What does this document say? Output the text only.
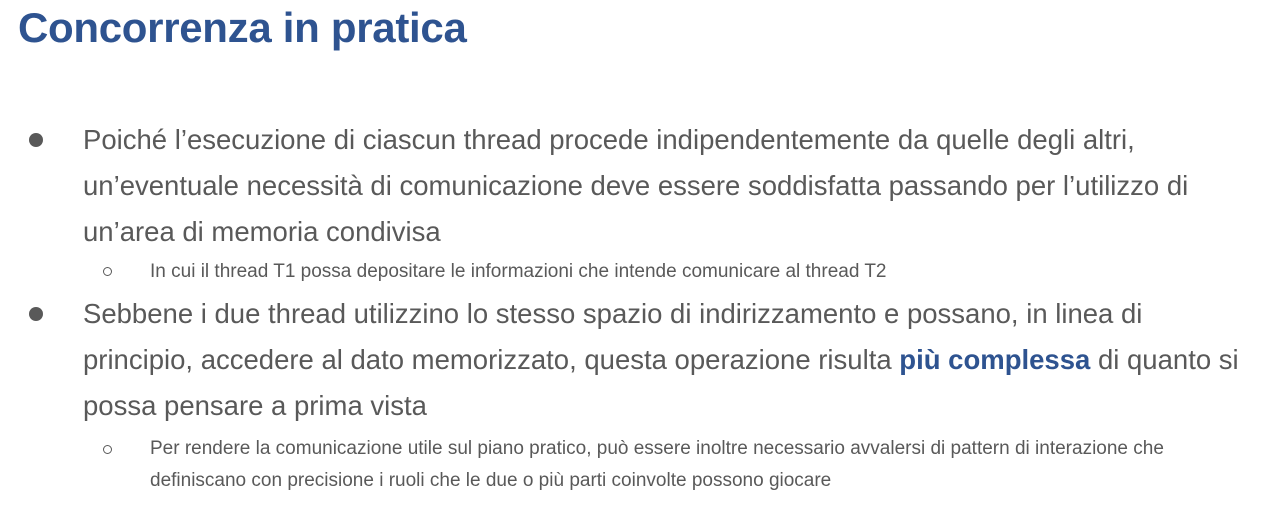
Concorrenza in pratica
Poiché l’esecuzione di ciascun thread procede indipendentemente da quelle degli altri, un’eventuale necessità di comunicazione deve essere soddisfatta passando per l’utilizzo di un’area di memoria condivisa
In cui il thread T1 possa depositare le informazioni che intende comunicare al thread T2
Sebbene i due thread utilizzino lo stesso spazio di indirizzamento e possano, in linea di principio, accedere al dato memorizzato, questa operazione risulta più complessa di quanto si possa pensare a prima vista
Per rendere la comunicazione utile sul piano pratico, può essere inoltre necessario avvalersi di pattern di interazione che definiscano con precisione i ruoli che le due o più parti coinvolte possono giocare
